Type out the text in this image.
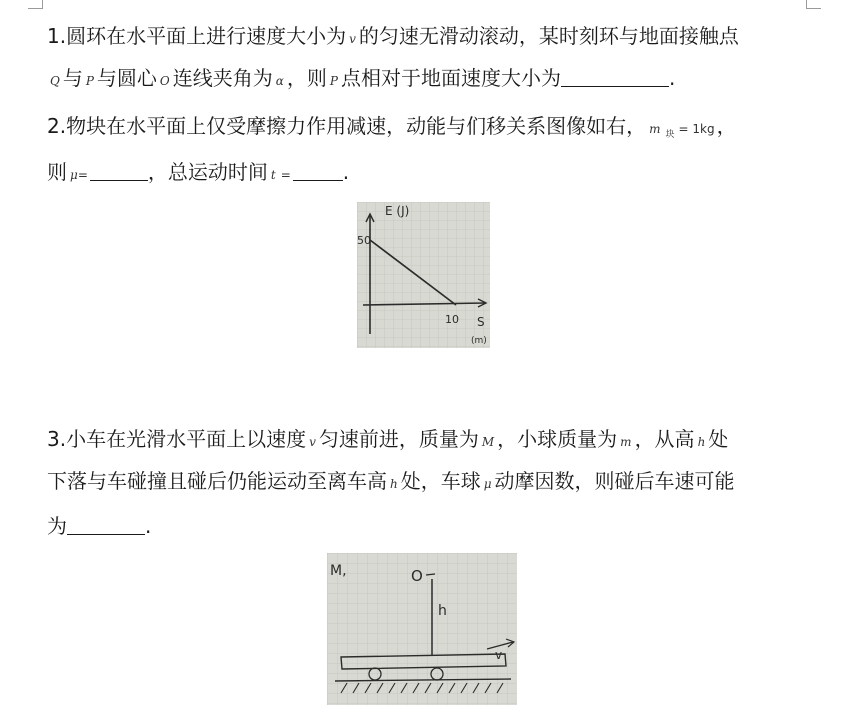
1.圆环在水平面上进行速度大小为 v 的匀速无滑动滚动，某时刻环与地面接触点
Q 与 P 与圆心 O 连线夹角为 α ，则 P 点相对于地面速度大小为	.
2.物块在水平面上仅受摩擦力作用减速，动能与们移关系图像如右， m $_块$ = 1kg ，
则μ=	，总运动时间 t =	.
E (J)
50
10 S
(m)
3.小车在光滑水平面上以速度 v 匀速前进，质量为 M ，小球质量为 m ，从高 h 处
下落与车碰撞且碰后仍能运动至离车高 h 处，车球 μ 动摩因数，则碰后车速可能
为	.
M,	O
h
v
